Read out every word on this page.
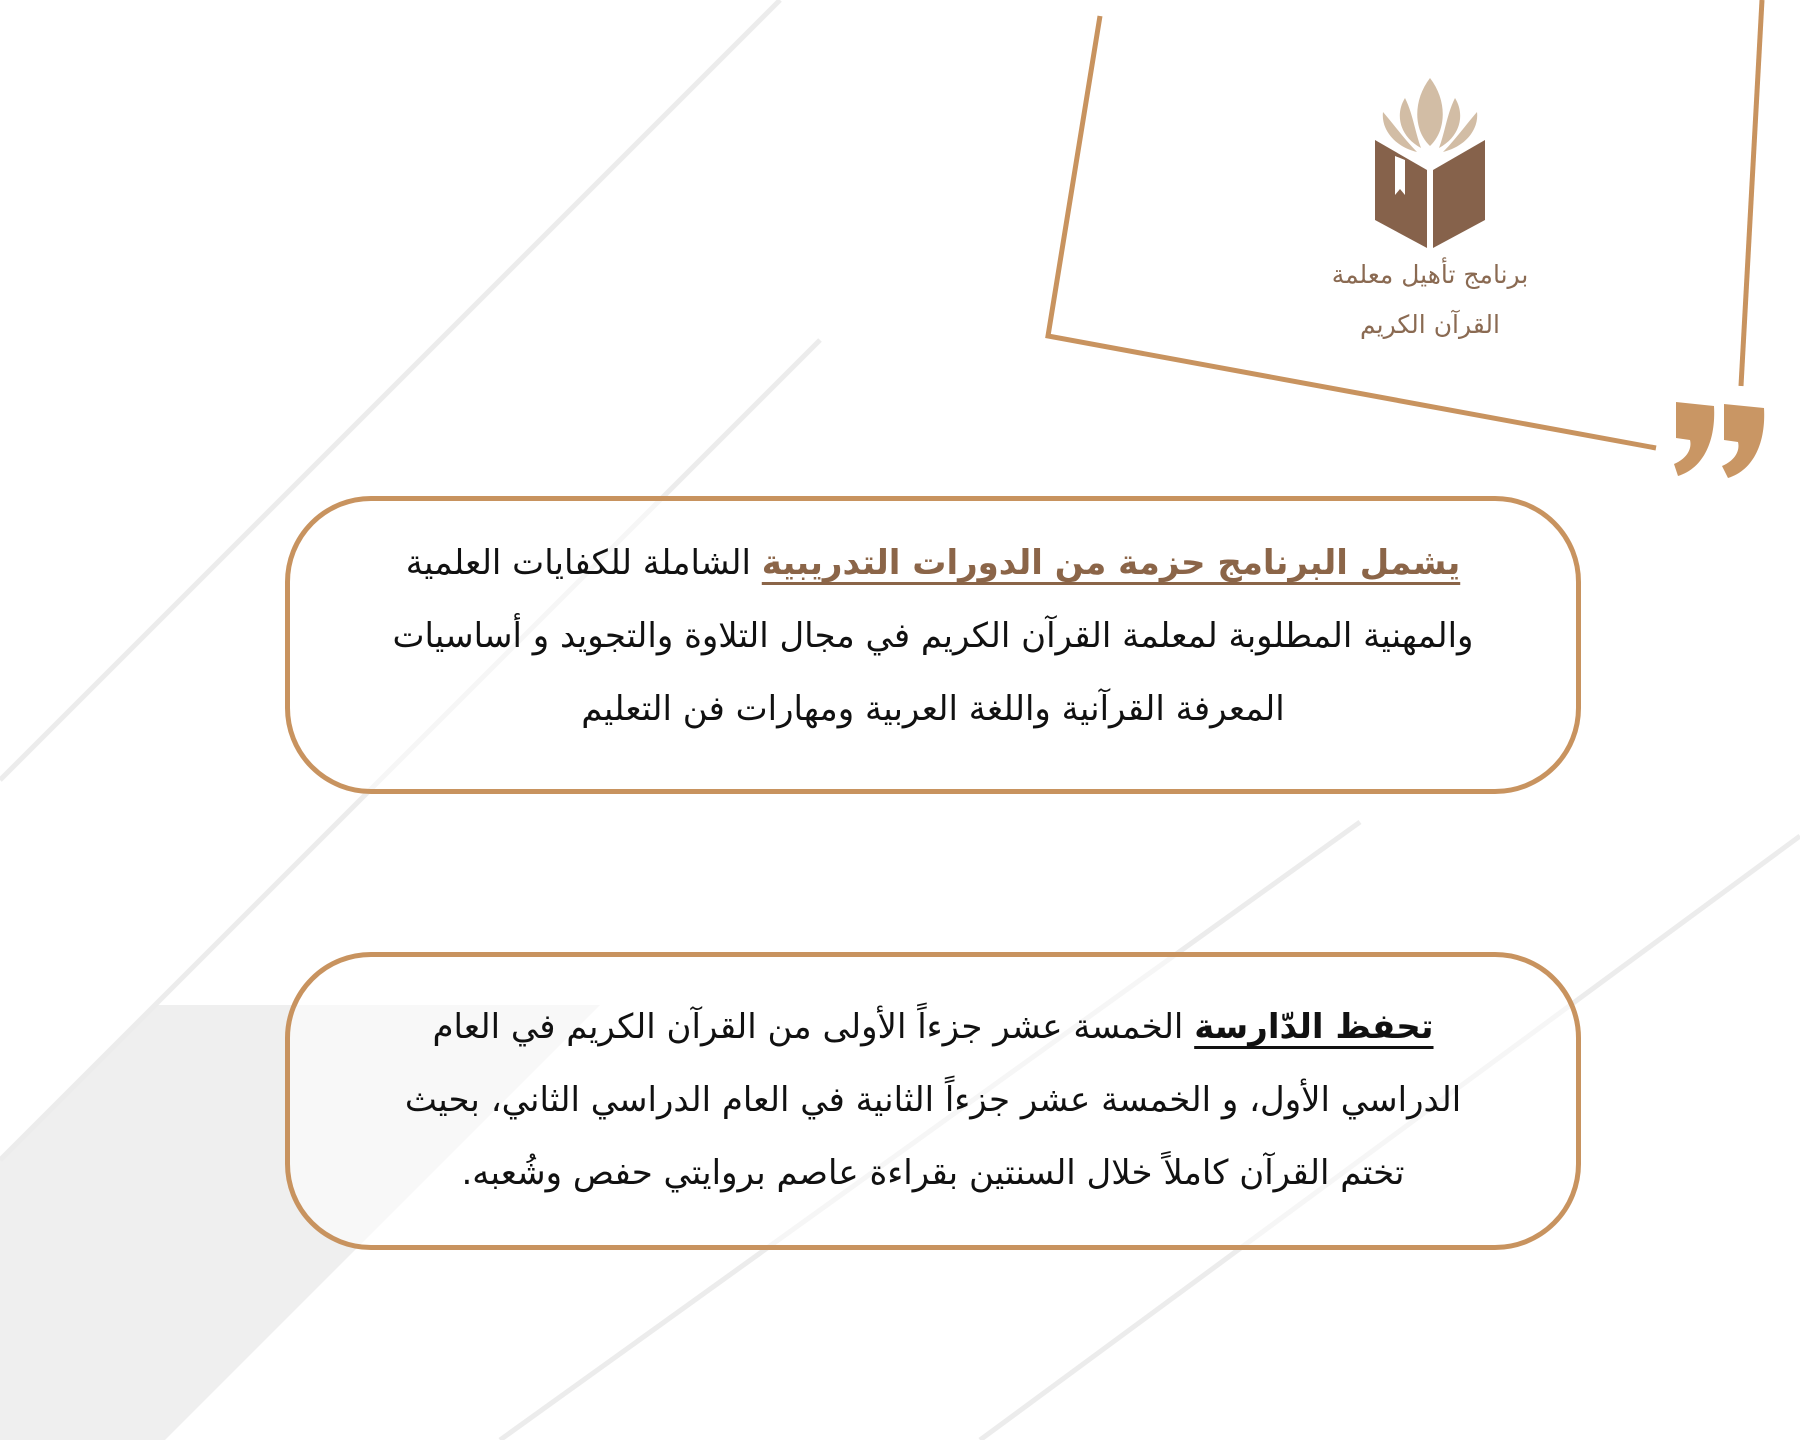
برنامج تأهيل معلمة
القرآن الكريم

يشمل البرنامج حزمة من الدورات التدريبية الشاملة للكفايات العلمية والمهنية المطلوبة لمعلمة القرآن الكريم في مجال التلاوة والتجويد و أساسيات المعرفة القرآنية واللغة العربية ومهارات فن التعليم

تحفظ الدّارسة الخمسة عشر جزءاً الأولى من القرآن الكريم في العام الدراسي الأول، و الخمسة عشر جزءاً الثانية في العام الدراسي الثاني، بحيث تختم القرآن كاملاً خلال السنتين بقراءة عاصم بروايتي حفص وشُعبه.
